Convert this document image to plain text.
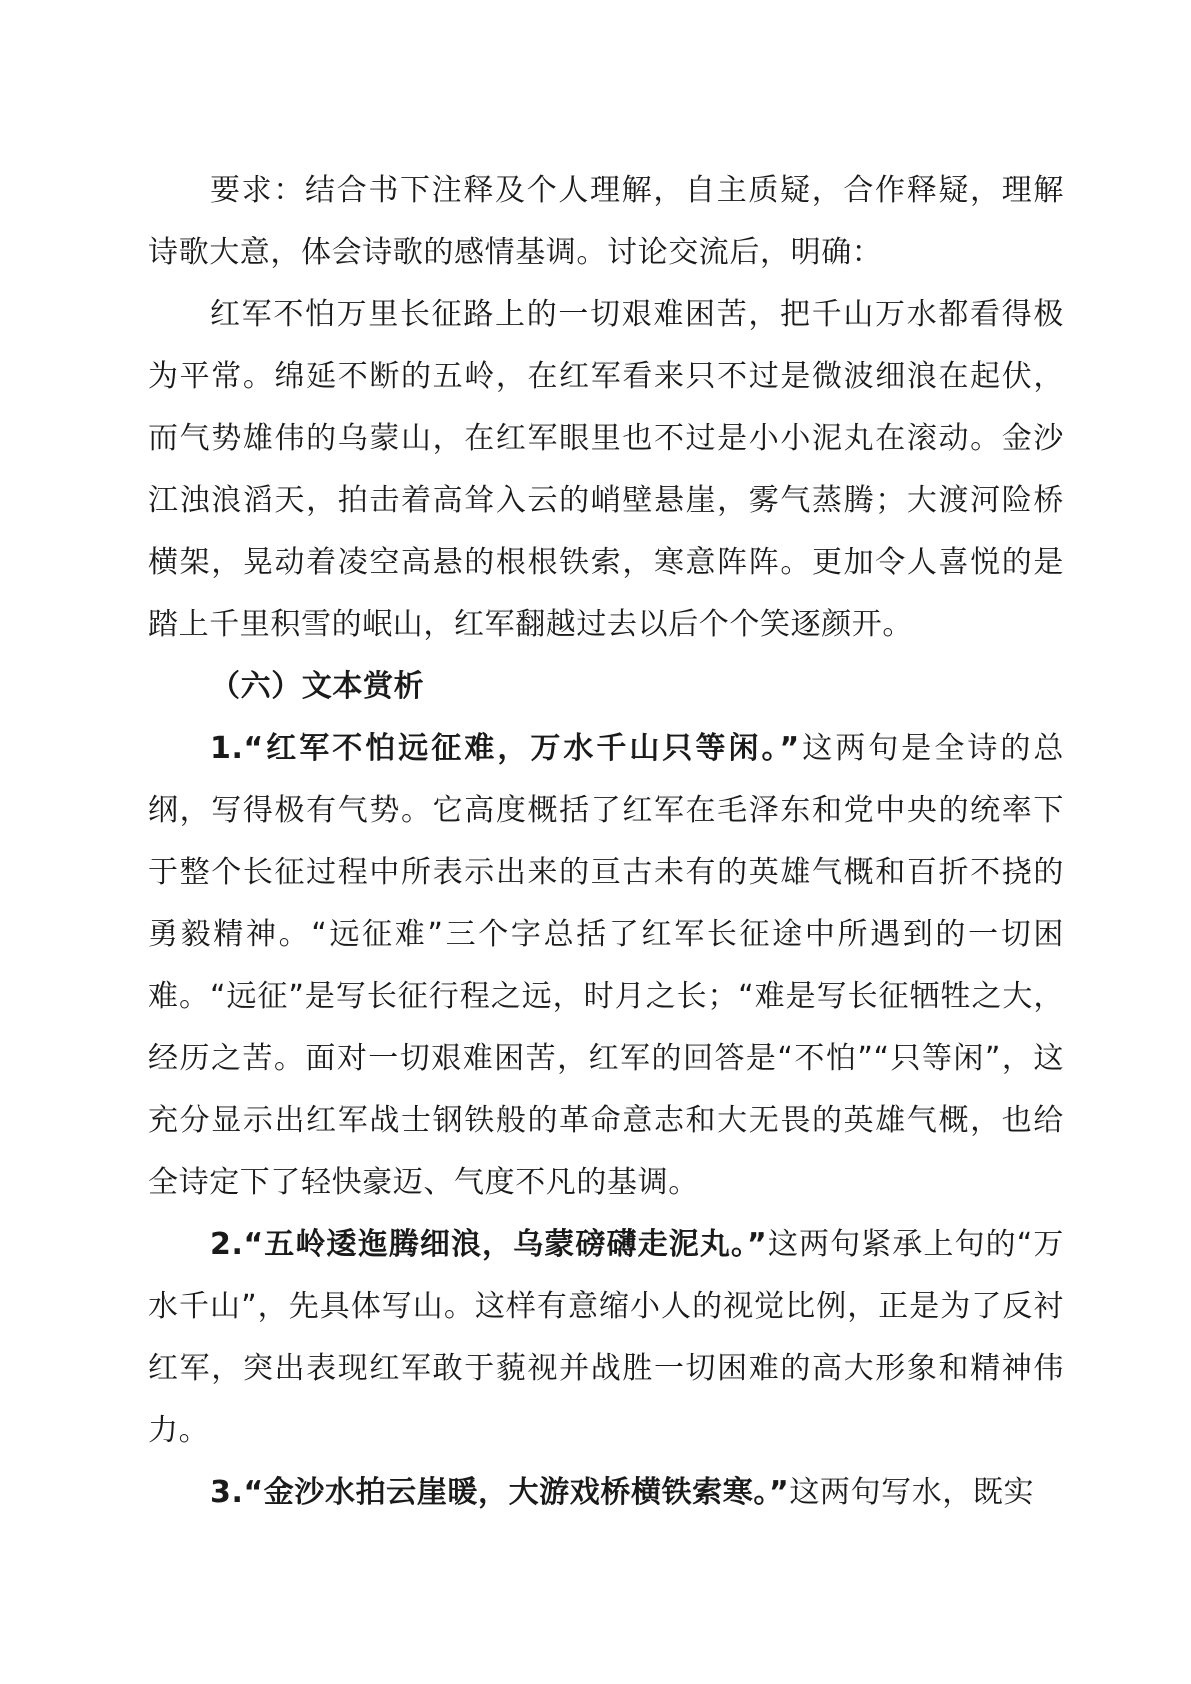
要求：结合书下注释及个人理解，自主质疑，合作释疑，理解诗歌大意，体会诗歌的感情基调。讨论交流后，明确：

红军不怕万里长征路上的一切艰难困苦，把千山万水都看得极为平常。绵延不断的五岭，在红军看来只不过是微波细浪在起伏，而气势雄伟的乌蒙山，在红军眼里也不过是小小泥丸在滚动。金沙江浊浪滔天，拍击着高耸入云的峭壁悬崖，雾气蒸腾；大渡河险桥横架，晃动着凌空高悬的根根铁索，寒意阵阵。更加令人喜悦的是踏上千里积雪的岷山，红军翻越过去以后个个笑逐颜开。

（六）文本赏析

1.“红军不怕远征难，万水千山只等闲。”这两句是全诗的总纲，写得极有气势。它高度概括了红军在毛泽东和党中央的统率下于整个长征过程中所表示出来的亘古未有的英雄气概和百折不挠的勇毅精神。“远征难”三个字总括了红军长征途中所遇到的一切困难。“远征”是写长征行程之远，时月之长；“难是写长征牺牲之大，经历之苦。面对一切艰难困苦，红军的回答是“不怕”“只等闲”，这充分显示出红军战士钢铁般的革命意志和大无畏的英雄气概，也给全诗定下了轻快豪迈、气度不凡的基调。

2.“五岭逶迤腾细浪，乌蒙磅礴走泥丸。”这两句紧承上句的“万水千山”，先具体写山。这样有意缩小人的视觉比例，正是为了反衬红军，突出表现红军敢于藐视并战胜一切困难的高大形象和精神伟力。

3.“金沙水拍云崖暖，大游戏桥横铁索寒。”这两句写水，既实
